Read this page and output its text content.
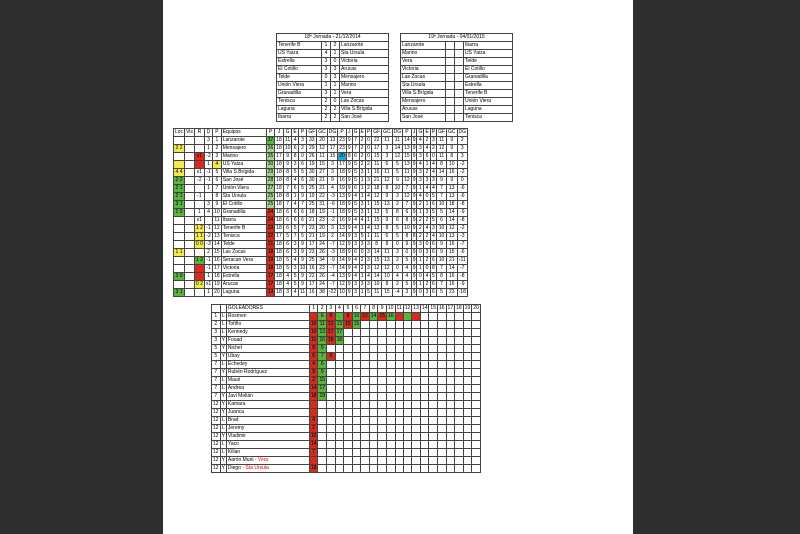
18ª Jornada - 21/12/2014			
Tenerife B	1	2	Lanzarote
US Yaiza	4	1	Sta Úrsula
Estrella	3	0	Victoria
El Cotillo	3	3	Arucas
Telde	0	3	Mensajero
Unión Viera	1	1	Marino
Granadilla	3	1	Vera
Tenisca	2	0	Las Zocas
Laguna	2	2	Villa S.Brígida
Ibarra	2	2	San José
19ª Jornada - 04/01/2015			
Lanzarote			Ibarra
Marino			US Yaiza
Vera			Telde
Victoria			El Cotillo
Las Zocas			Granadilla
Sta Úrsula			Estrella
Villa S.Brígida			Tenerife B
Mensajero			Unión Viera
Arucas			Laguna
San José			Tenisca
Loc	Vis	R	D	P	Equipos	P	J	G	E	P	GF	GC	DG	P	J	G	E	P	GF	GC	DG	P	J	G	E	P	GF	GC	DG
			3	1	Lanzarote	37	18	11	4	3	33	20	13	23	9	7	2	0	22	11	11	14	9	4	2	3	11	9	2
3 2			1	2	Mensajero	36	18	10	6	2	29	12	17	23	9	7	2	0	17	3	14	13	9	3	4	2	12	9	3
		x1	-2	3	Marino	35	17	9	8	0	26	11	15	20	8	6	2	0	15	3	12	15	9	3	6	0	11	8	3
			1	4	US Yaiza	30	18	9	3	6	19	15	3	17	9	5	2	2	11	6	5	13	9	4	1	4	8	10	-2
4 4		x1	-1	5	Villa S.Brígida	29	18	8	5	5	30	27	3	18	9	5	3	1	16	11	5	11	9	3	2	4	14	16	-2
2 2		-2	-1	6	San José	28	18	8	4	6	30	21	9	16	9	5	1	3	21	12	9	12	9	3	3	3	9	9	0
2 1			1	7	Unión Viera	27	18	7	6	5	25	21	4	19	9	6	1	2	18	8	10	7	9	1	4	4	7	13	-6
2 1		-1		8	Sta Úrsula	25	18	8	1	9	19	22	-3	13	9	4	1	4	12	9	3	12	9	4	0	5	7	13	-6
3 1			3	9	El Cotillo	25	18	7	4	7	25	31	-6	18	9	5	3	1	15	13	2	7	9	2	1	6	10	18	-8
1 0		1	4	10	Granadilla	24	18	6	6	6	18	19	-1	18	9	5	3	1	13	5	8	6	9	1	3	5	5	14	-9
		x1		11	Ibarra	24	18	6	6	6	21	23	-2	16	9	4	4	1	15	9	6	8	9	2	2	5	6	14	-8
		1 2	-1	12	Tenerife B	23	18	6	5	7	23	20	3	13	9	4	1	4	13	8	5	10	9	2	4	3	10	12	-2
		1 1	-2	13	Tenisca	22	17	5	7	5	21	19	2	14	9	3	5	1	11	6	5	8	8	2	2	4	10	13	-3
		0 0	-3	14	Telde	21	18	6	3	9	17	24	-7	12	9	3	3	3	8	8	0	9	9	3	0	6	9	16	-7
1 1			2	15	Las Zocas	18	18	6	3	9	23	26	-3	18	9	6	0	3	14	11	3	0	9	0	3	6	9	15	-6
		1 2	-1	16	Seracan Vera	19	18	5	4	9	25	34	-9	14	9	4	2	3	15	13	2	5	9	1	2	6	10	21	-11
			-1	17	Victoria	18	18	5	3	10	16	23	-7	14	9	4	2	3	12	12	0	4	9	1	0	8	7	14	-7
3 0			1	18	Estrella	17	18	4	5	9	22	26	-4	13	9	4	1	4	14	10	4	4	9	0	4	5	8	16	-8
		0 2	x1	19	Arucas	17	18	4	5	9	17	24	-7	12	9	3	3	3	10	8	2	5	9	1	2	6	7	16	-9
3 1			1	20	Laguna	13	18	3	4	11	16	38	-22	10	9	3	1	5	11	15	-4	3	9	0	3	6	5	23	-18
		GOLEADORES	1	2	3	4	5	6	7	8	9	10	11	12	13	14	15	16	17	18	19	20
1	L	Rosmen		6	8		8	10	12	14	15	16										
2	L	Tofiño	10	11	12	13	15	15														
3	L	Kennedy	10	13	17	17																
3	Y	Fouad	11	16	18	18																
5	Y	Nichel	8	9																		
5	Y	Ubay	6	7	9																	
7	L	Echedey	4	6																		
7	Y	Rubén Rodríguez	9	9																		
7	L	Mauri	2	15																		
7	L	Andrea	14	17																		
7	Y	Javi Melián	18	18																		
12	Y	Kamara																				
12	Y	Juanca																				
12	L	Brad	4																			
12	L	Jeremy	2																			
12	Y	Vladimir	10																			
12	L	Yaco	14																			
12	L	Kilian	7																			
12	Y	Aarón Muni - Vera																				
12	Y	Diego - Sta Úrsula	18																			
